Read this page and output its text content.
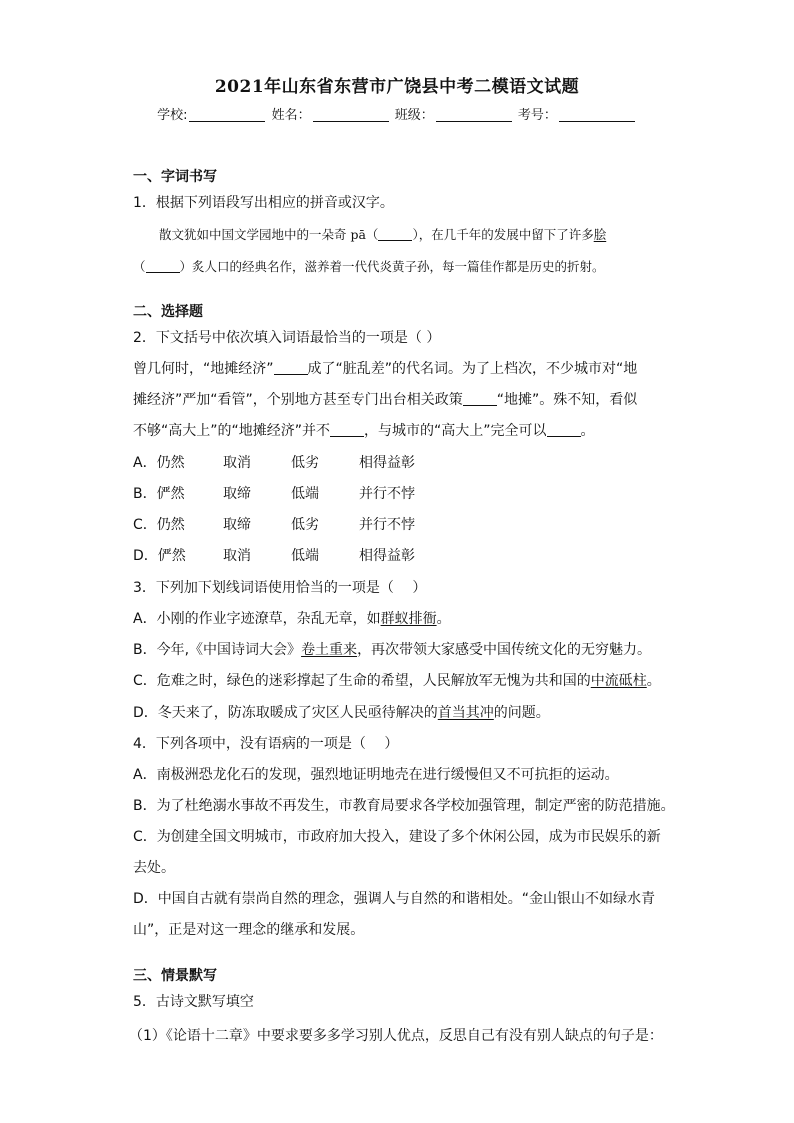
2021年山东省东营市广饶县中考二模语文试题
学校:	姓名：	班级：	考号：
一、字词书写
1．根据下列语段写出相应的拼音或汉字。
散文犹如中国文学园地中的一朵奇 pā（	），在几千年的发展中留下了许多脍
（	）炙人口的经典名作，滋养着一代代炎黄子孙，每一篇佳作都是历史的折射。
二、选择题
2．下文括号中依次填入词语最恰当的一项是（ ）
曾几何时，“地摊经济” 成了“脏乱差”的代名词。为了上档次，不少城市对“地
摊经济”严加“看管”，个别地方甚至专门出台相关政策 “地摊”。殊不知，看似
不够“高大上”的“地摊经济”并不 ，与城市的“高大上”完全可以 。
A．仍然	取消	低劣	相得益彰
B．俨然	取缔	低端	并行不悖
C．仍然	取缔	低劣	并行不悖
D．俨然	取消	低端	相得益彰
3．下列加下划线词语使用恰当的一项是（　 ）
A．小刚的作业字迹潦草，杂乱无章，如群蚁排衙。
B．今年,《中国诗词大会》卷土重来，再次带领大家感受中国传统文化的无穷魅力。
C．危难之时，绿色的迷彩撑起了生命的希望，人民解放军无愧为共和国的中流砥柱。
D．冬天来了，防冻取暖成了灾区人民亟待解决的首当其冲的问题。
4．下列各项中，没有语病的一项是（　 ）
A．南极洲恐龙化石的发现，强烈地证明地壳在进行缓慢但又不可抗拒的运动。
B．为了杜绝溺水事故不再发生，市教育局要求各学校加强管理，制定严密的防范措施。
C．为创建全国文明城市，市政府加大投入，建设了多个休闲公园，成为市民娱乐的新
去处。
D．中国自古就有崇尚自然的理念，强调人与自然的和谐相处。“金山银山不如绿水青
山”，正是对这一理念的继承和发展。
三、情景默写
5．古诗文默写填空
（1）《论语十二章》中要求要多多学习别人优点，反思自己有没有别人缺点的句子是：
